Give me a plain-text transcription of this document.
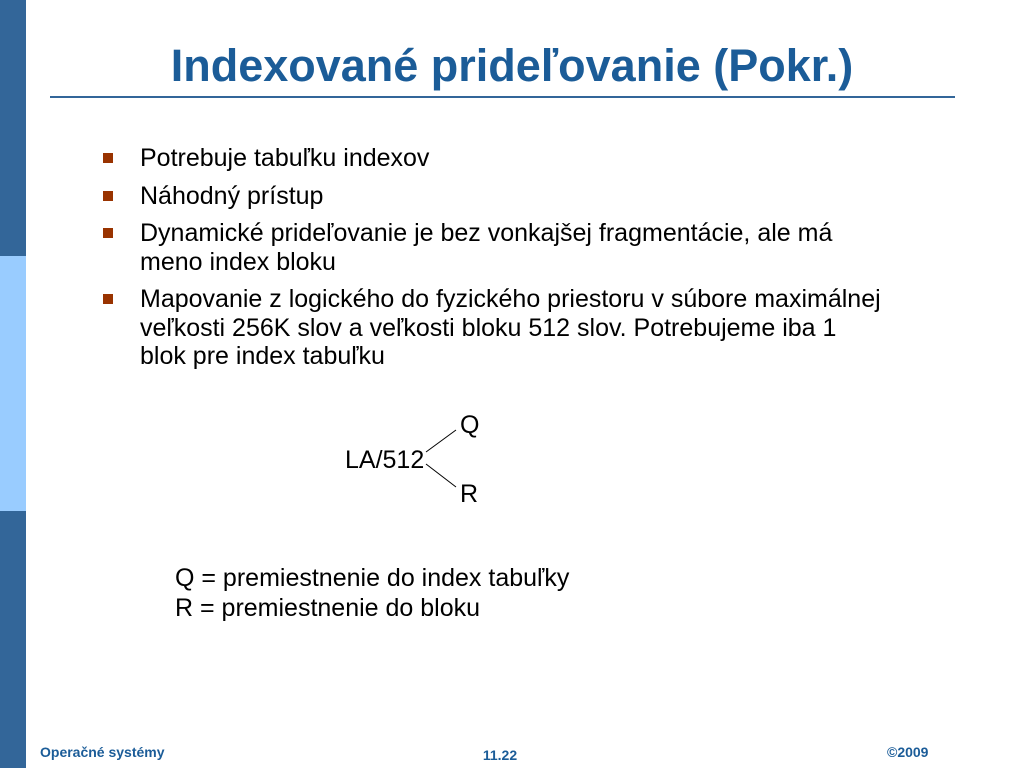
Indexované prideľovanie (Pokr.)
Potrebuje tabuľku indexov
Náhodný prístup
Dynamické prideľovanie je bez vonkajšej fragmentácie, ale má
meno index bloku
Mapovanie z logického do fyzického priestoru v súbore maximálnej
veľkosti 256K slov a veľkosti bloku 512 slov. Potrebujeme iba 1
blok pre index tabuľku
Q
LA/512
R
Q = premiestnenie do index tabuľky
R = premiestnenie do bloku
Operačné systémy	11.22	©2009
